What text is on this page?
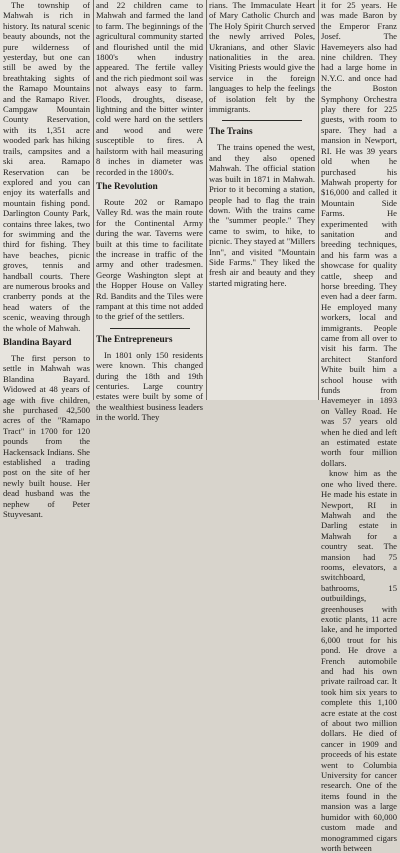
The township of Mahwah is rich in history. Its natural scenic beauty abounds, not the pure wilderness of yesterday, but one can still be awed by the breathtaking sights of the Ramapo Mountains and the Ramapo River. Campgaw Mountain County Reservation, with its 1,351 acre wooded park has hiking trails, campsites and a ski area. Ramapo Reservation can be explored and you can enjoy its waterfalls and mountain fishing pond. Darlington County Park, contains three lakes, two for swimming and the third for fishing. They have beaches, picnic groves, tennis and handball courts. There are numerous brooks and cranberry ponds at the head waters of the scenic, weaving through the whole of Mahwah.

Blandina Bayard

The first person to settle in Mahwah was Blandina Bayard. Widowed at 48 years of age with five children, she purchased 42,500 acres of the "Ramapo Tract" in 1700 for 120 pounds from the Hackensack Indians. She established a trading post on the site of her newly built house. Her dead husband was the nephew of Peter Stuyvesant.

and 22 children came to Mahwah and farmed the land to farm. The beginnings of the agricultural community started and flourished until the mid 1800's when industry appeared. The fertile valley and the rich piedmont soil was not always easy to farm. Floods, droughts, disease, lightning and the bitter winter cold were hard on the settlers and wood and were susceptible to fires. A hailstorm with hail measuring 8 inches in diameter was recorded in the 1800's.

The Revolution

Route 202 or Ramapo Valley Rd. was the main route for the Continental Army during the war. Taverns were built at this time to facilitate the increase in traffic of the army and other tradesmen. George Washington slept at the Hopper House on Valley Rd. Bandits and the Tiles were rampant at this time not added to the grief of the settlers.

The Entrepreneurs

In 1801 only 150 residents were known. This changed during the 18th and 19th centuries. Large country estates were built by some of the wealthiest business leaders in the world. They

rians. The Immaculate Heart of Mary Catholic Church and The Holy Spirit Church served the newly arrived Poles, Ukranians, and other Slavic nationalities in the area. Visiting Priests would give the service in the foreign languages to help the feelings of isolation felt by the immigrants.

The Trains

The trains opened the west, and they also opened Mahwah. The official station was built in 1871 in Mahwah. Prior to it becoming a station, people had to flag the train down. With the trains came the "summer people." They came to swim, to hike, to picnic. They stayed at "Millers Inn", and visited "Mountain Side Farms." They liked the fresh air and beauty and they started migrating here.

it for 25 years. He was made Baron by the Emperor Franz Josef. The Havemeyers also had nine children. They had a large home in N.Y.C. and once had the Boston Symphony Orchestra play there for 225 guests, with room to spare. They had a mansion in Newport, RI. He was 39 years old when he purchased his Mahwah property for $16,000 and called it Mountain Side Farms. He experimented with sanitation and breeding techniques, and his farm was a showcase for quality cattle, sheep and horse breeding. They even had a deer farm. He employed many workers, local and immigrants. People came from all over to visit his farm. The architect Stanford White built him a school house with funds from Havemeyer in 1893 on Valley Road. He was 57 years old when he died and left an estimated estate worth four million dollars.

know him as the one who lived there. He made his estate in Newport, RI in Mahwah and the Darling estate in Mahwah for a country seat. The mansion had 75 rooms, elevators, a switchboard, bathrooms, 15 outbuildings, greenhouses with exotic plants, 11 acre lake, and he imported 6,000 trout for his pond. He drove a French automobile and had his own private railroad car. It took him six years to complete this 1,100 acre estate at the cost of about two million dollars. He died of cancer in 1909 and proceeds of his estate went to Columbia University for cancer research. One of the items found in the mansion was a large humidor with 60,000 custom made and monogrammed cigars worth between
